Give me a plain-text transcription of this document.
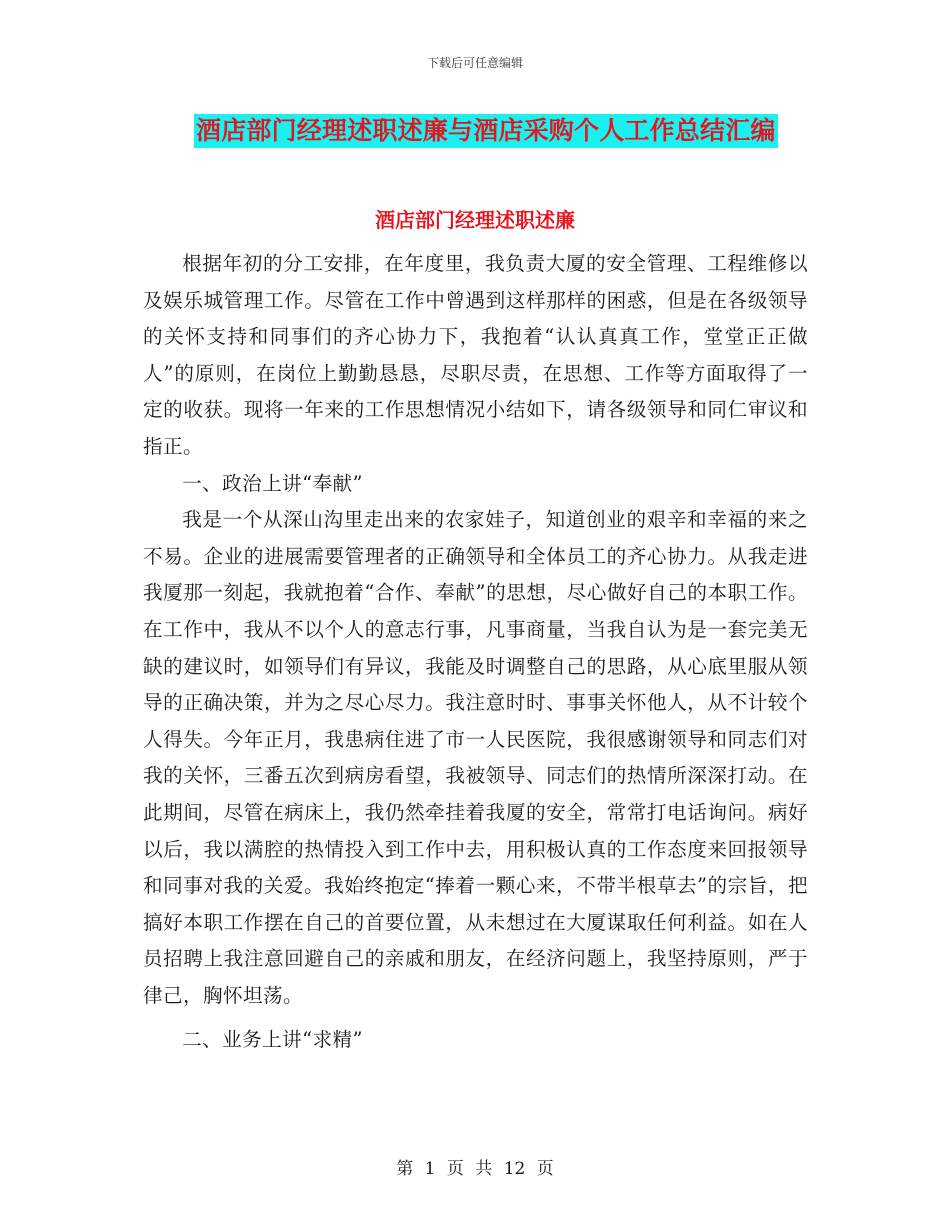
下载后可任意编辑
酒店部门经理述职述廉与酒店采购个人工作总结汇编
酒店部门经理述职述廉

根据年初的分工安排，在年度里，我负责大厦的安全管理、工程维修以及娱乐城管理工作。尽管在工作中曾遇到这样那样的困惑，但是在各级领导的关怀支持和同事们的齐心协力下，我抱着“认认真真工作，堂堂正正做人”的原则，在岗位上勤勤恳恳，尽职尽责，在思想、工作等方面取得了一定的收获。现将一年来的工作思想情况小结如下，请各级领导和同仁审议和指正。

一、政治上讲“奉献”

我是一个从深山沟里走出来的农家娃子，知道创业的艰辛和幸福的来之不易。企业的进展需要管理者的正确领导和全体员工的齐心协力。从我走进我厦那一刻起，我就抱着“合作、奉献”的思想，尽心做好自己的本职工作。在工作中，我从不以个人的意志行事，凡事商量，当我自认为是一套完美无缺的建议时，如领导们有异议，我能及时调整自己的思路，从心底里服从领导的正确决策，并为之尽心尽力。我注意时时、事事关怀他人，从不计较个人得失。今年正月，我患病住进了市一人民医院，我很感谢领导和同志们对我的关怀，三番五次到病房看望，我被领导、同志们的热情所深深打动。在此期间，尽管在病床上，我仍然牵挂着我厦的安全，常常打电话询问。病好以后，我以满腔的热情投入到工作中去，用积极认真的工作态度来回报领导和同事对我的关爱。我始终抱定“捧着一颗心来，不带半根草去”的宗旨，把搞好本职工作摆在自己的首要位置，从未想过在大厦谋取任何利益。如在人员招聘上我注意回避自己的亲戚和朋友，在经济问题上，我坚持原则，严于律己，胸怀坦荡。

二、业务上讲“求精”

第 1 页 共 12 页
